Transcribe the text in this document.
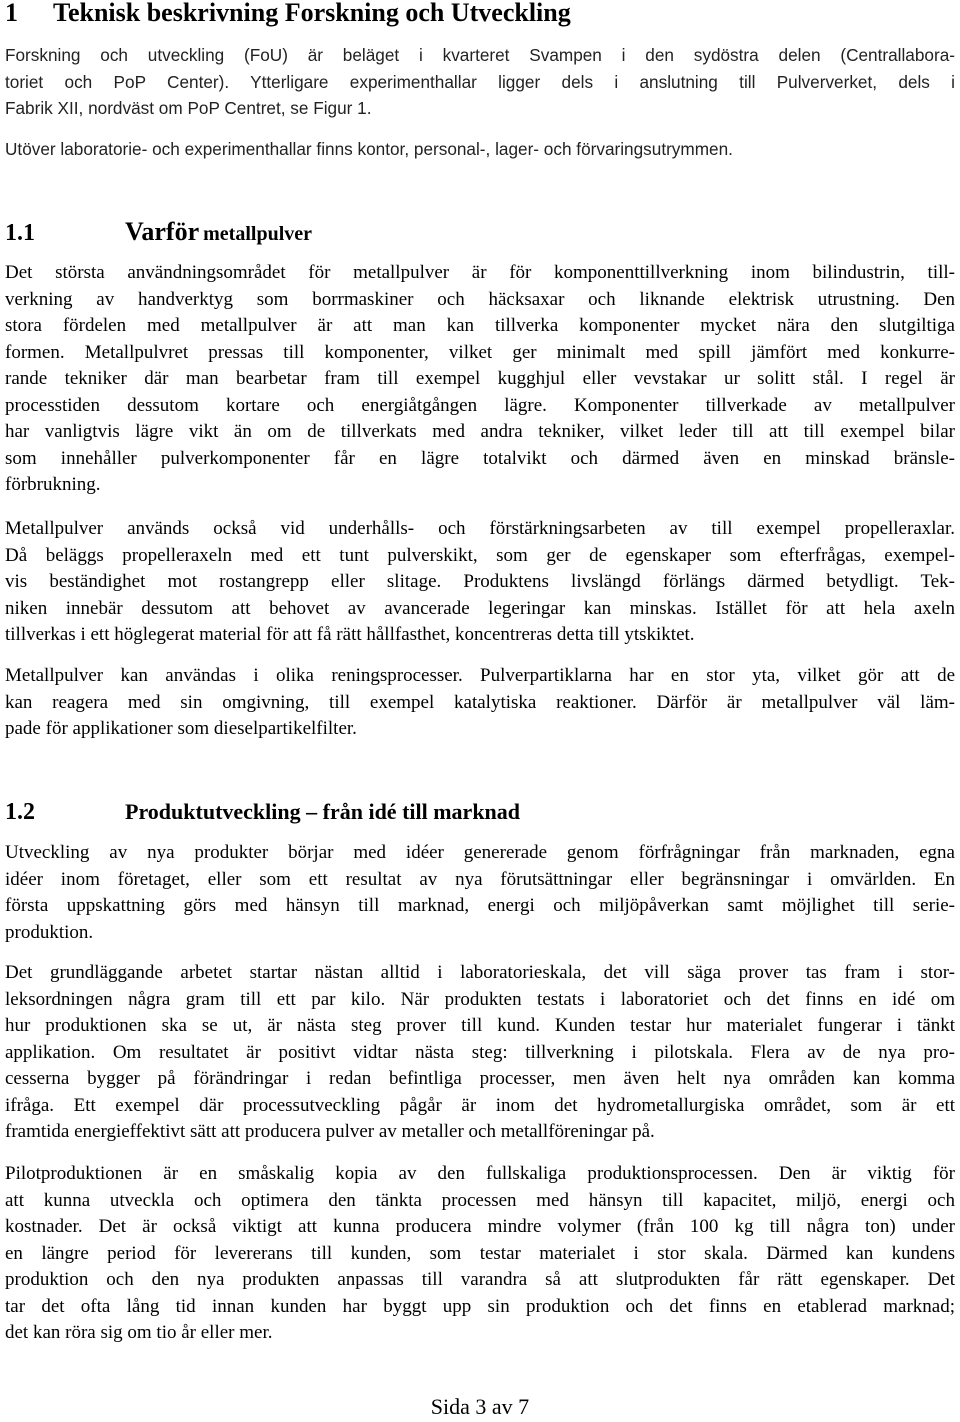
1 Teknisk beskrivning Forskning och Utveckling
Forskning och utveckling (FoU) är beläget i kvarteret Svampen i den sydöstra delen (Centrallabora-
toriet och PoP Center). Ytterligare experimenthallar ligger dels i anslutning till Pulververket, dels i
Fabrik XII, nordväst om PoP Centret, se Figur 1.
Utöver laboratorie- och experimenthallar finns kontor, personal-, lager- och förvaringsutrymmen.
1.1	Varför metallpulver
Det största användningsområdet för metallpulver är för komponenttillverkning inom bilindustrin, till-
verkning av handverktyg som borrmaskiner och häcksaxar och liknande elektrisk utrustning. Den
stora fördelen med metallpulver är att man kan tillverka komponenter mycket nära den slutgiltiga
formen. Metallpulvret pressas till komponenter, vilket ger minimalt med spill jämfört med konkurre-
rande tekniker där man bearbetar fram till exempel kugghjul eller vevstakar ur solitt stål. I regel är
processtiden dessutom kortare och energiåtgången lägre. Komponenter tillverkade av metallpulver
har vanligtvis lägre vikt än om de tillverkats med andra tekniker, vilket leder till att till exempel bilar
som innehåller pulverkomponenter får en lägre totalvikt och därmed även en minskad bränsle-
förbrukning.
Metallpulver används också vid underhålls- och förstärkningsarbeten av till exempel propelleraxlar.
Då beläggs propelleraxeln med ett tunt pulverskikt, som ger de egenskaper som efterfrågas, exempel-
vis beständighet mot rostangrepp eller slitage. Produktens livslängd förlängs därmed betydligt. Tek-
niken innebär dessutom att behovet av avancerade legeringar kan minskas. Istället för att hela axeln
tillverkas i ett höglegerat material för att få rätt hållfasthet, koncentreras detta till ytskiktet.
Metallpulver kan användas i olika reningsprocesser. Pulverpartiklarna har en stor yta, vilket gör att de
kan reagera med sin omgivning, till exempel katalytiska reaktioner. Därför är metallpulver väl läm-
pade för applikationer som dieselpartikelfilter.
1.2	Produktutveckling – från idé till marknad
Utveckling av nya produkter börjar med idéer genererade genom förfrågningar från marknaden, egna
idéer inom företaget, eller som ett resultat av nya förutsättningar eller begränsningar i omvärlden. En
första uppskattning görs med hänsyn till marknad, energi och miljöpåverkan samt möjlighet till serie-
produktion.
Det grundläggande arbetet startar nästan alltid i laboratorieskala, det vill säga prover tas fram i stor-
leksordningen några gram till ett par kilo. När produkten testats i laboratoriet och det finns en idé om
hur produktionen ska se ut, är nästa steg prover till kund. Kunden testar hur materialet fungerar i tänkt
applikation. Om resultatet är positivt vidtar nästa steg: tillverkning i pilotskala. Flera av de nya pro-
cesserna bygger på förändringar i redan befintliga processer, men även helt nya områden kan komma
ifråga. Ett exempel där processutveckling pågår är inom det hydrometallurgiska området, som är ett
framtida energieffektivt sätt att producera pulver av metaller och metallföreningar på.
Pilotproduktionen är en småskalig kopia av den fullskaliga produktionsprocessen. Den är viktig för
att kunna utveckla och optimera den tänkta processen med hänsyn till kapacitet, miljö, energi och
kostnader. Det är också viktigt att kunna producera mindre volymer (från 100 kg till några ton) under
en längre period för levererans till kunden, som testar materialet i stor skala. Därmed kan kundens
produktion och den nya produkten anpassas till varandra så att slutprodukten får rätt egenskaper. Det
tar det ofta lång tid innan kunden har byggt upp sin produktion och det finns en etablerad marknad;
det kan röra sig om tio år eller mer.
Sida 3 av 7
